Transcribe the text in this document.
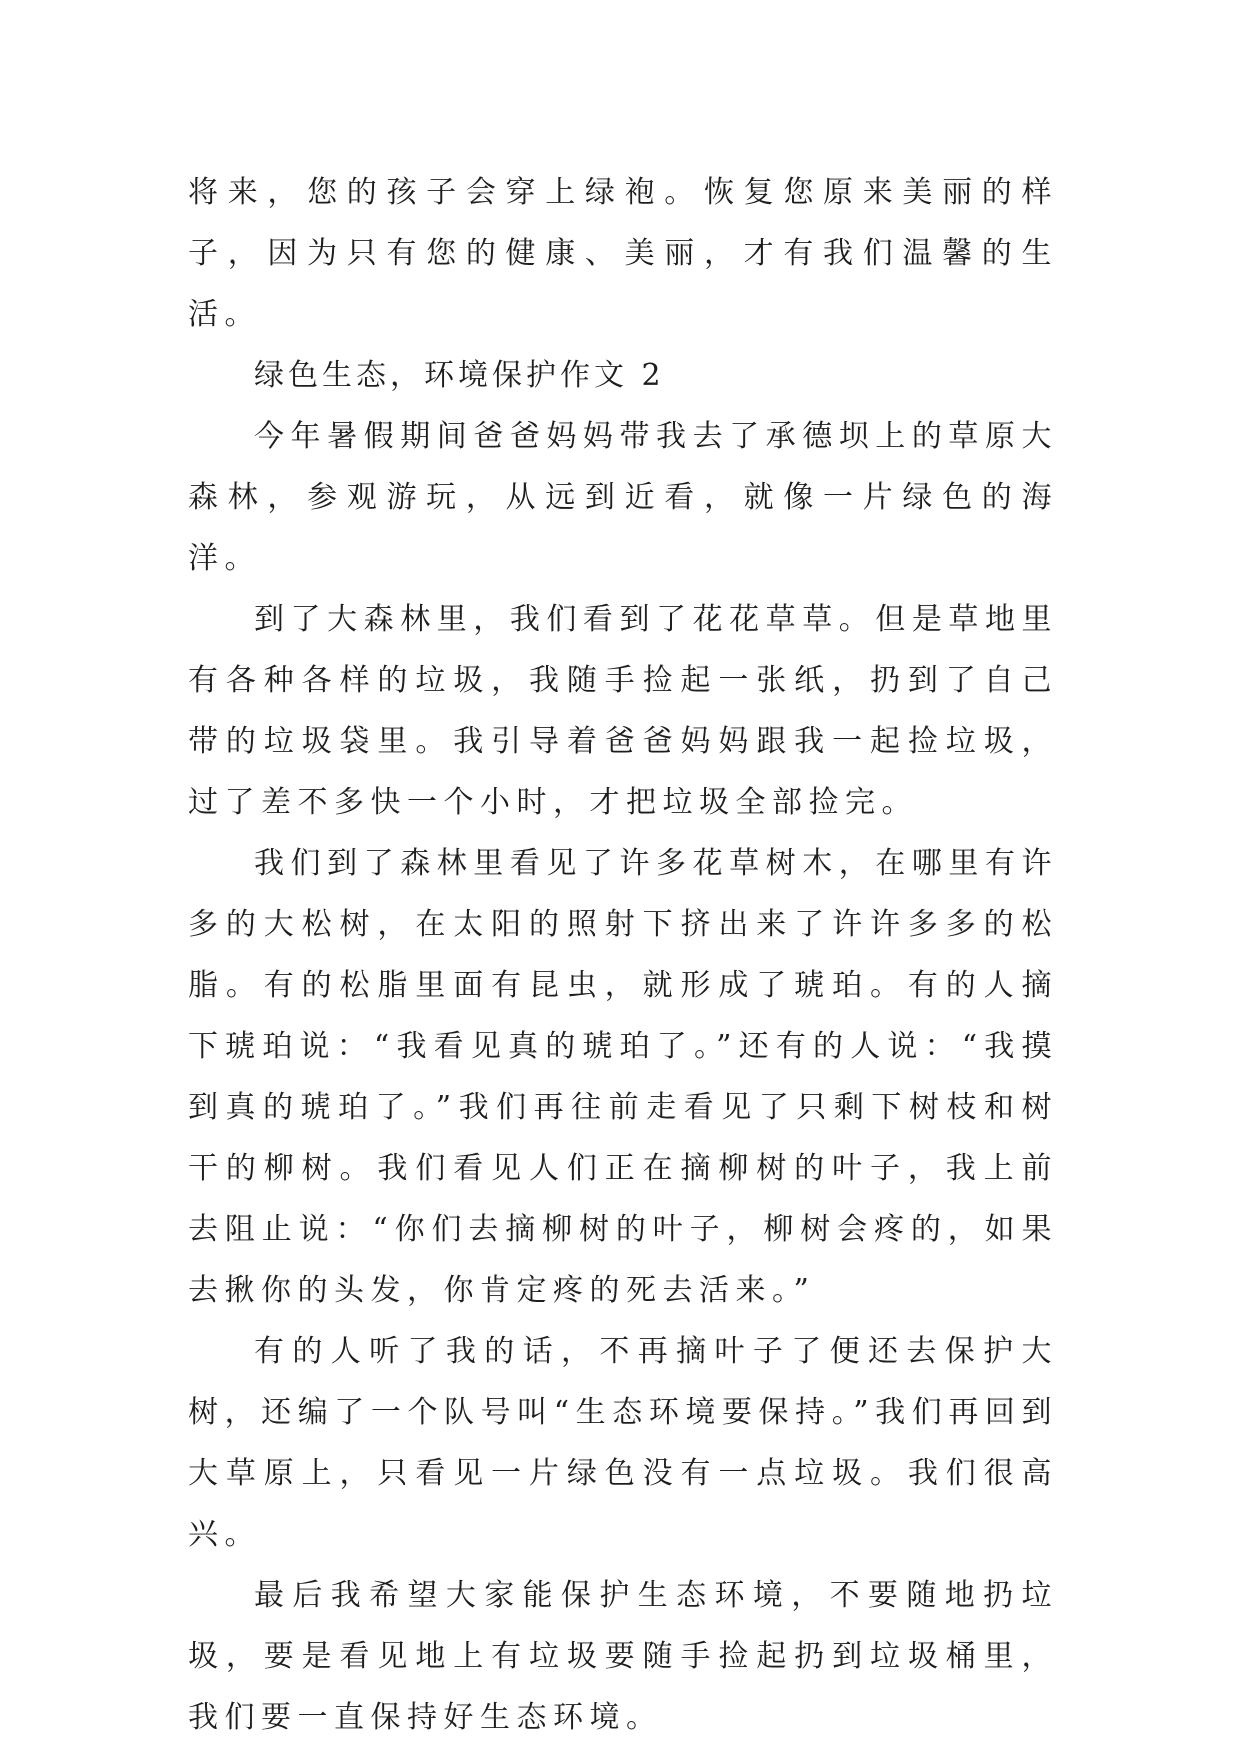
将来，您的孩子会穿上绿袍。恢复您原来美丽的样子，因为只有您的健康、美丽，才有我们温馨的生活。

绿色生态，环境保护作文 2

今年暑假期间爸爸妈妈带我去了承德坝上的草原大森林，参观游玩，从远到近看，就像一片绿色的海洋。

到了大森林里，我们看到了花花草草。但是草地里有各种各样的垃圾，我随手捡起一张纸，扔到了自己带的垃圾袋里。我引导着爸爸妈妈跟我一起捡垃圾，过了差不多快一个小时，才把垃圾全部捡完。

我们到了森林里看见了许多花草树木，在哪里有许多的大松树，在太阳的照射下挤出来了许许多多的松脂。有的松脂里面有昆虫，就形成了琥珀。有的人摘下琥珀说：“我看见真的琥珀了。”还有的人说：“我摸到真的琥珀了。”我们再往前走看见了只剩下树枝和树干的柳树。我们看见人们正在摘柳树的叶子，我上前去阻止说：“你们去摘柳树的叶子，柳树会疼的，如果去揪你的头发，你肯定疼的死去活来。”

有的人听了我的话，不再摘叶子了便还去保护大树，还编了一个队号叫“生态环境要保持。”我们再回到大草原上，只看见一片绿色没有一点垃圾。我们很高兴。

最后我希望大家能保护生态环境，不要随地扔垃圾，要是看见地上有垃圾要随手捡起扔到垃圾桶里，我们要一直保持好生态环境。
